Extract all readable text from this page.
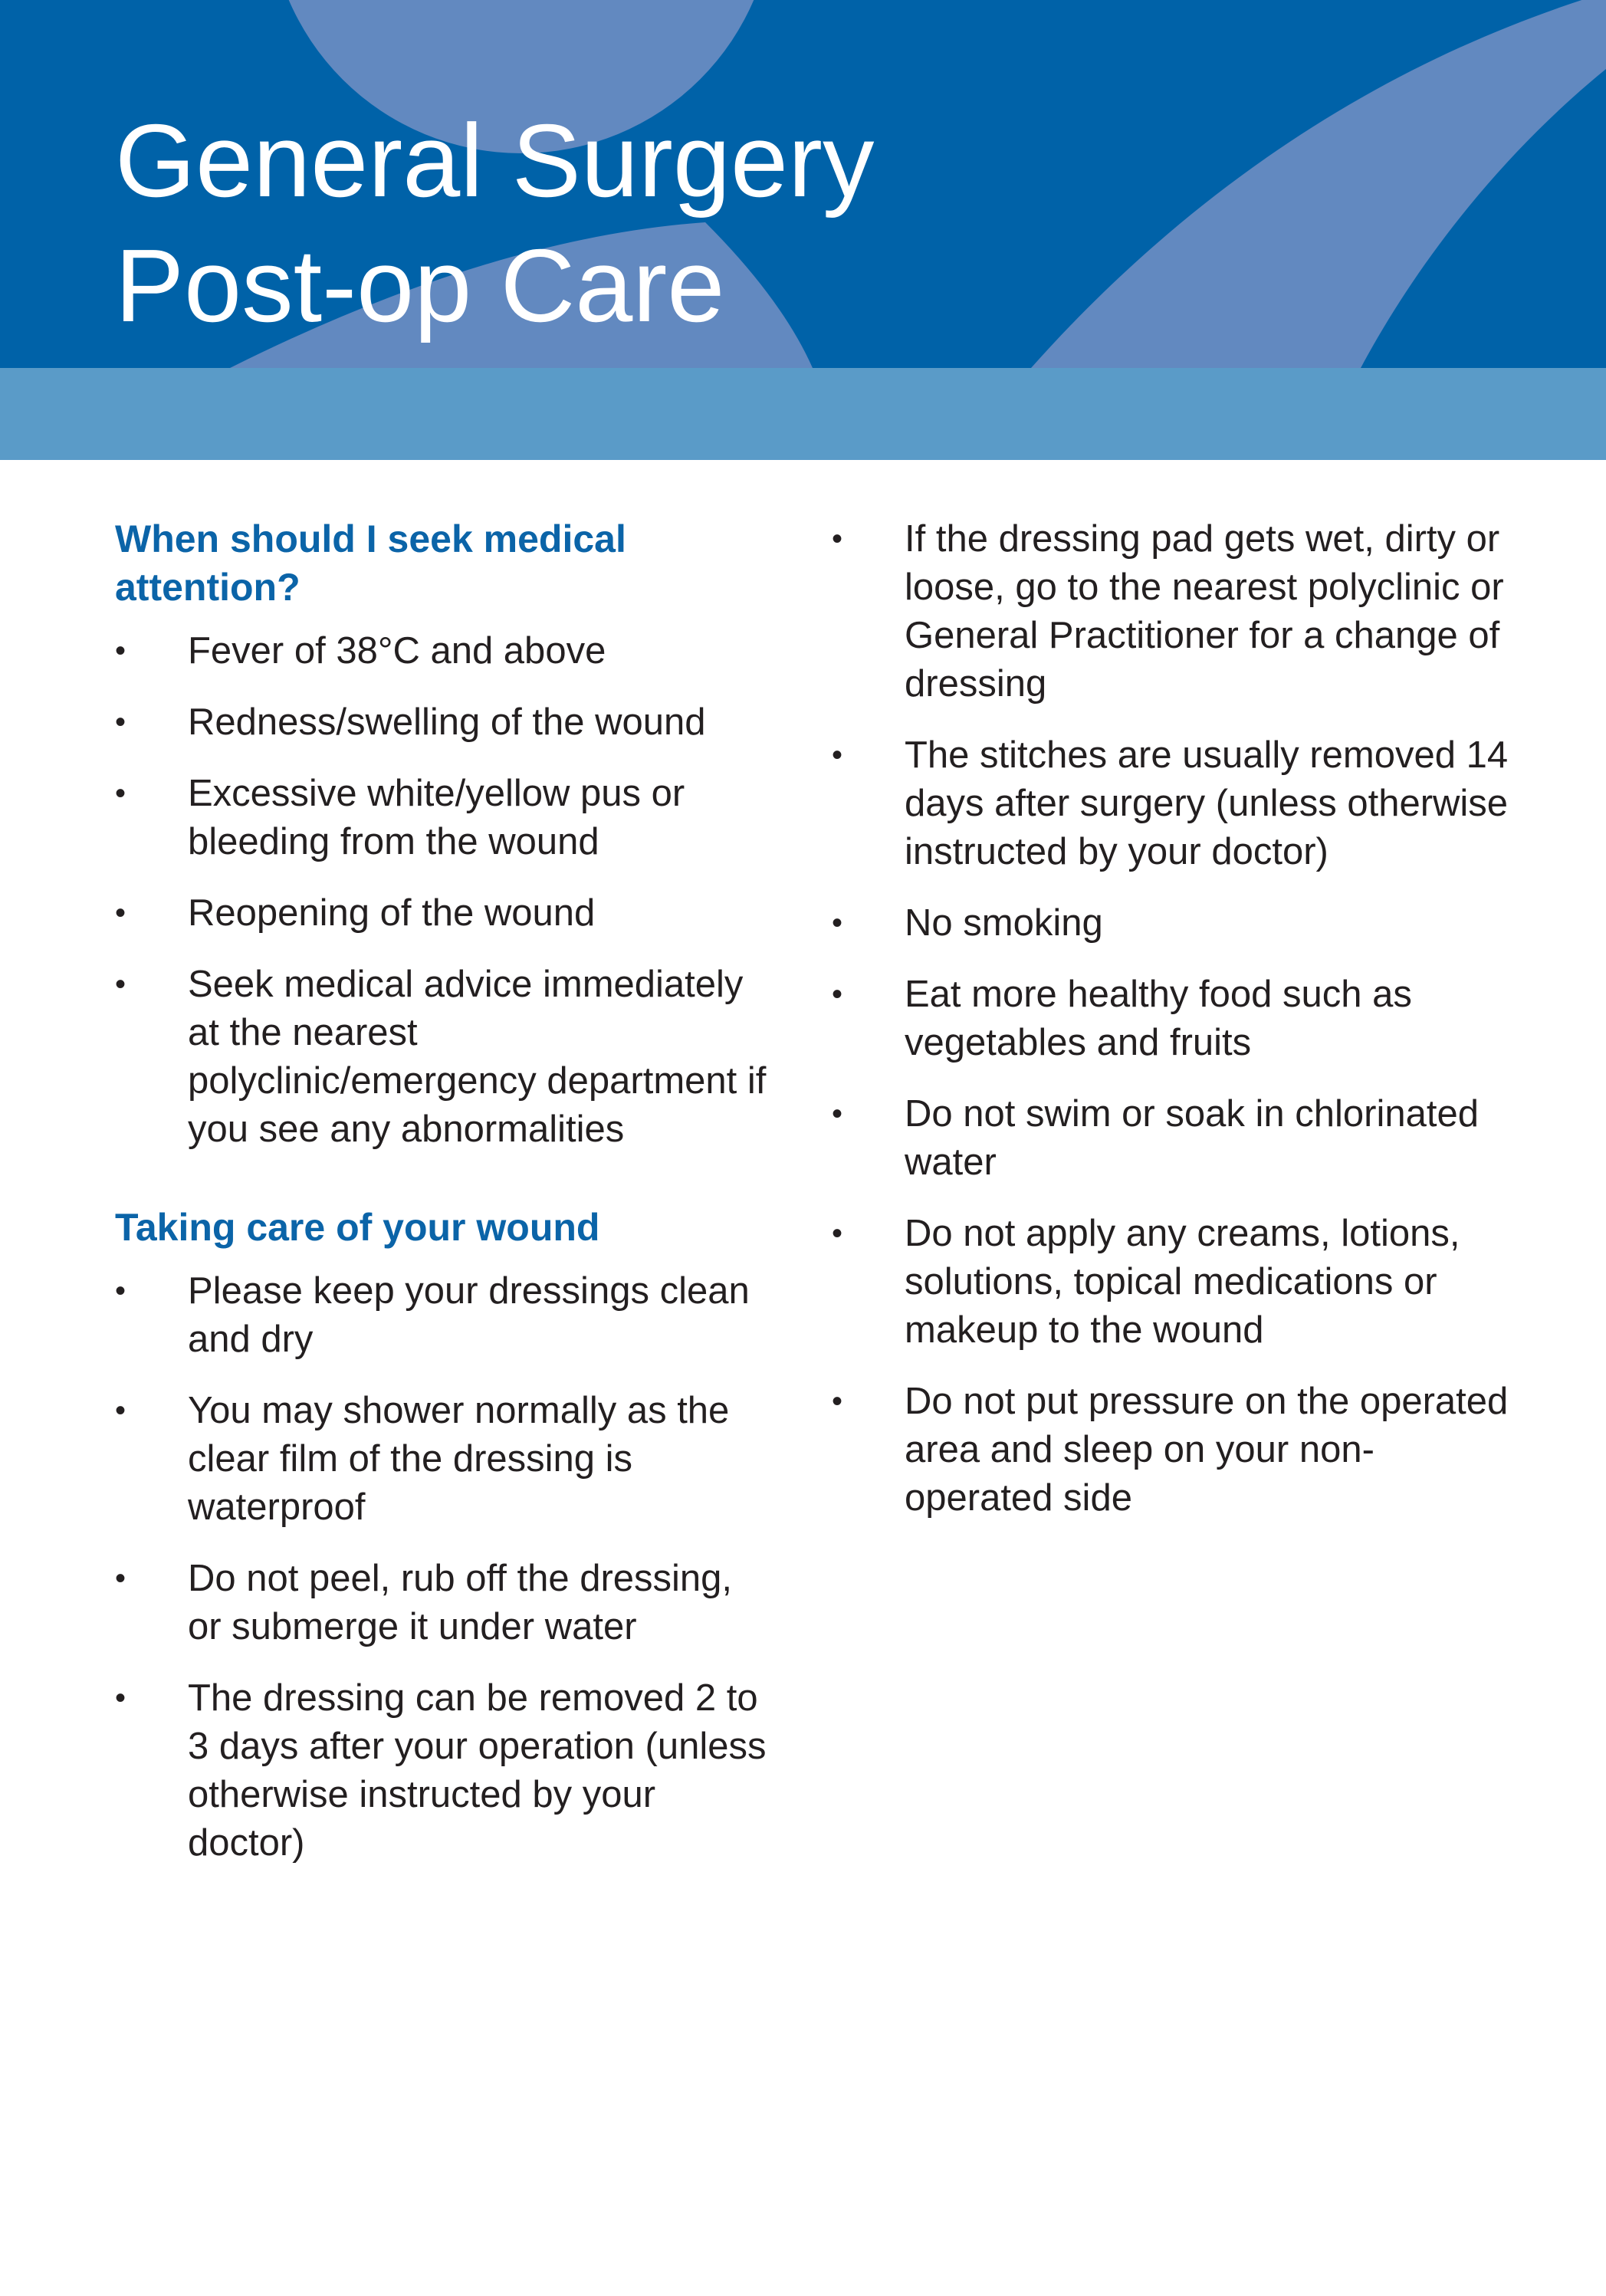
General Surgery
Post-op Care
When should I seek medical attention?
•	Fever of 38°C and above
•	Redness/swelling of the wound
•	Excessive white/yellow pus or bleeding from the wound
•	Reopening of the wound
•	Seek medical advice immediately at the nearest polyclinic/emergency department if you see any abnormalities
Taking care of your wound
•	Please keep your dressings clean and dry
•	You may shower normally as the clear film of the dressing is waterproof
•	Do not peel, rub off the dressing, or submerge it under water
•	The dressing can be removed 2 to 3 days after your operation (unless otherwise instructed by your doctor)
•	If the dressing pad gets wet, dirty or loose, go to the nearest polyclinic or General Practitioner for a change of dressing
•	The stitches are usually removed 14 days after surgery (unless otherwise instructed by your doctor)
•	No smoking
•	Eat more healthy food such as vegetables and fruits
•	Do not swim or soak in chlorinated water
•	Do not apply any creams, lotions, solutions, topical medications or makeup to the wound
•	Do not put pressure on the operated area and sleep on your non-operated side
